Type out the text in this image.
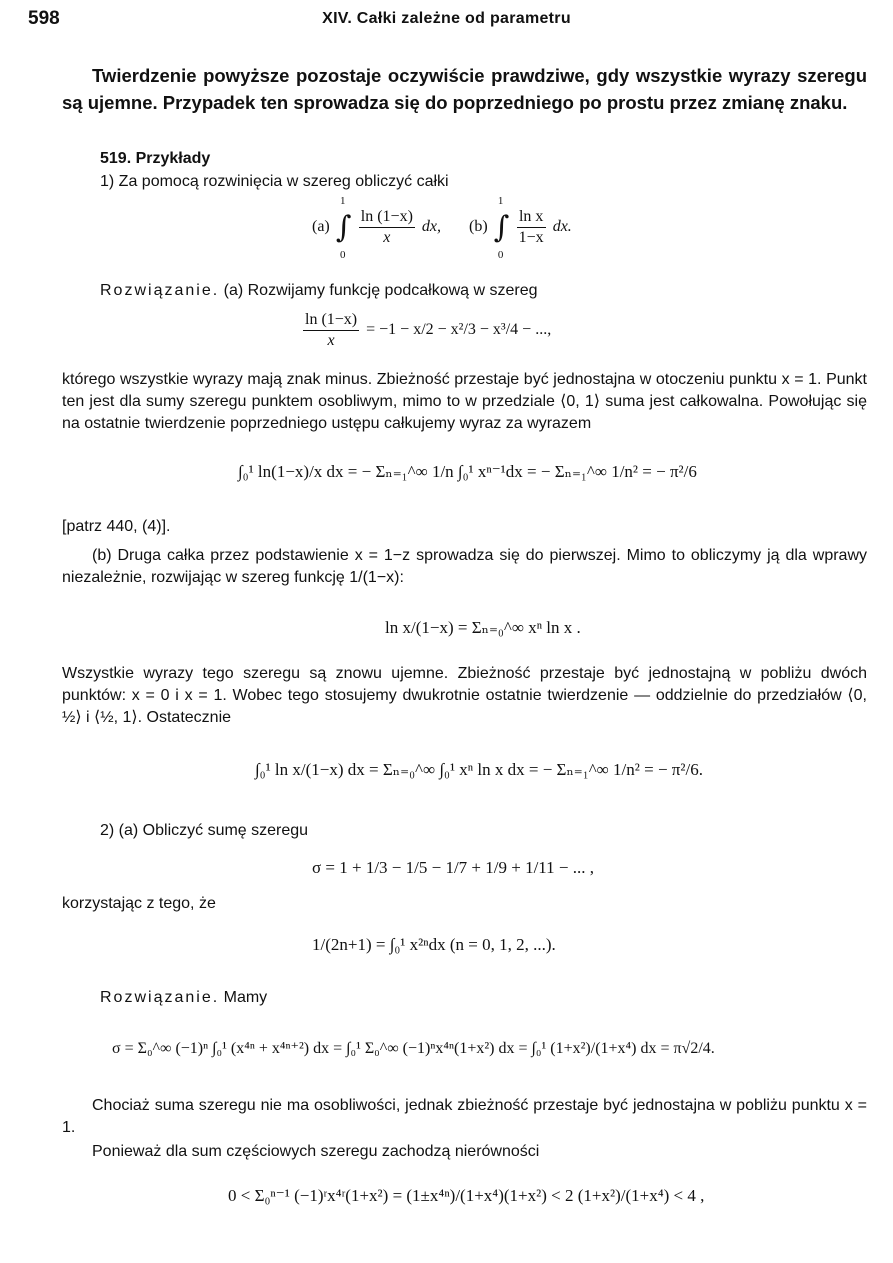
598	XIV. Całki zależne od parametru
Twierdzenie powyższe pozostaje oczywiście prawdziwe, gdy wszystkie wyrazy szeregu są ujemne. Przypadek ten sprowadza się do poprzedniego po prostu przez zmianę znaku.
519. Przykłady
1) Za pomocą rozwinięcia w szereg obliczyć całki
(a)
1
∫
0

$\frac{\ln (1-x)}{x}$ dx, (b)
1
∫
0

$\frac{\text{ln x}}{1-x}$ dx.
Rozwiązanie. (a) Rozwijamy funkcję podcałkową w szereg
$\frac{\ln (1-x)}{x} = -1 - x/2 - x^2/3 - x^3/4$ − ...,
którego wszystkie wyrazy mają znak minus. Zbieżność przestaje być jednostajna w otoczeniu punktu x = 1. Punkt ten jest dla sumy szeregu punktem osobliwym, mimo to w przedziale ⟨0, 1⟩ suma jest całkowalna. Powołując się na ostatnie twierdzenie poprzedniego ustępu całkujemy wyraz za wyrazem
∫₀¹ ln(1−x)/x dx = − Σₙ₌₁^∞ 1/n ∫₀¹ xⁿ⁻¹dx = − Σₙ₌₁^∞ 1/n² = − π²/6
[patrz 440, (4)].
(b) Druga całka przez podstawienie x = 1−z sprowadza się do pierwszej. Mimo to obliczymy ją dla wprawy niezależnie, rozwijając w szereg funkcję 1/(1−x):
ln x/(1−x) = Σₙ₌₀^∞ xⁿ ln x .
Wszystkie wyrazy tego szeregu są znowu ujemne. Zbieżność przestaje być jednostajną w pobliżu dwóch punktów: x = 0 i x = 1. Wobec tego stosujemy dwukrotnie ostatnie twierdzenie — oddzielnie do przedziałów ⟨0, ½⟩ i ⟨½, 1⟩. Ostatecznie
∫₀¹ ln x/(1−x) dx = Σₙ₌₀^∞ ∫₀¹ xⁿ ln x dx = − Σₙ₌₁^∞ 1/n² = − π²/6.
2) (a) Obliczyć sumę szeregu
σ = 1 + 1/3 − 1/5 − 1/7 + 1/9 + 1/11 − ... ,
korzystając z tego, że
1/(2n+1) = ∫₀¹ x²ⁿdx (n = 0, 1, 2, ...).
Rozwiązanie. Mamy
σ = Σ₀^∞ (−1)ⁿ ∫₀¹ (x⁴ⁿ + x⁴ⁿ⁺²) dx = ∫₀¹ Σ₀^∞ (−1)ⁿx⁴ⁿ(1+x²) dx = ∫₀¹ (1+x²)/(1+x⁴) dx = π√2/4.
Chociaż suma szeregu nie ma osobliwości, jednak zbieżność przestaje być jednostajna w pobliżu punktu x = 1.
Ponieważ dla sum częściowych szeregu zachodzą nierówności
0 < Σ₀ⁿ⁻¹ (−1)ʳx⁴ʳ(1+x²) = (1±x⁴ⁿ)/(1+x⁴)(1+x²) < 2 (1+x²)/(1+x⁴) < 4 ,
